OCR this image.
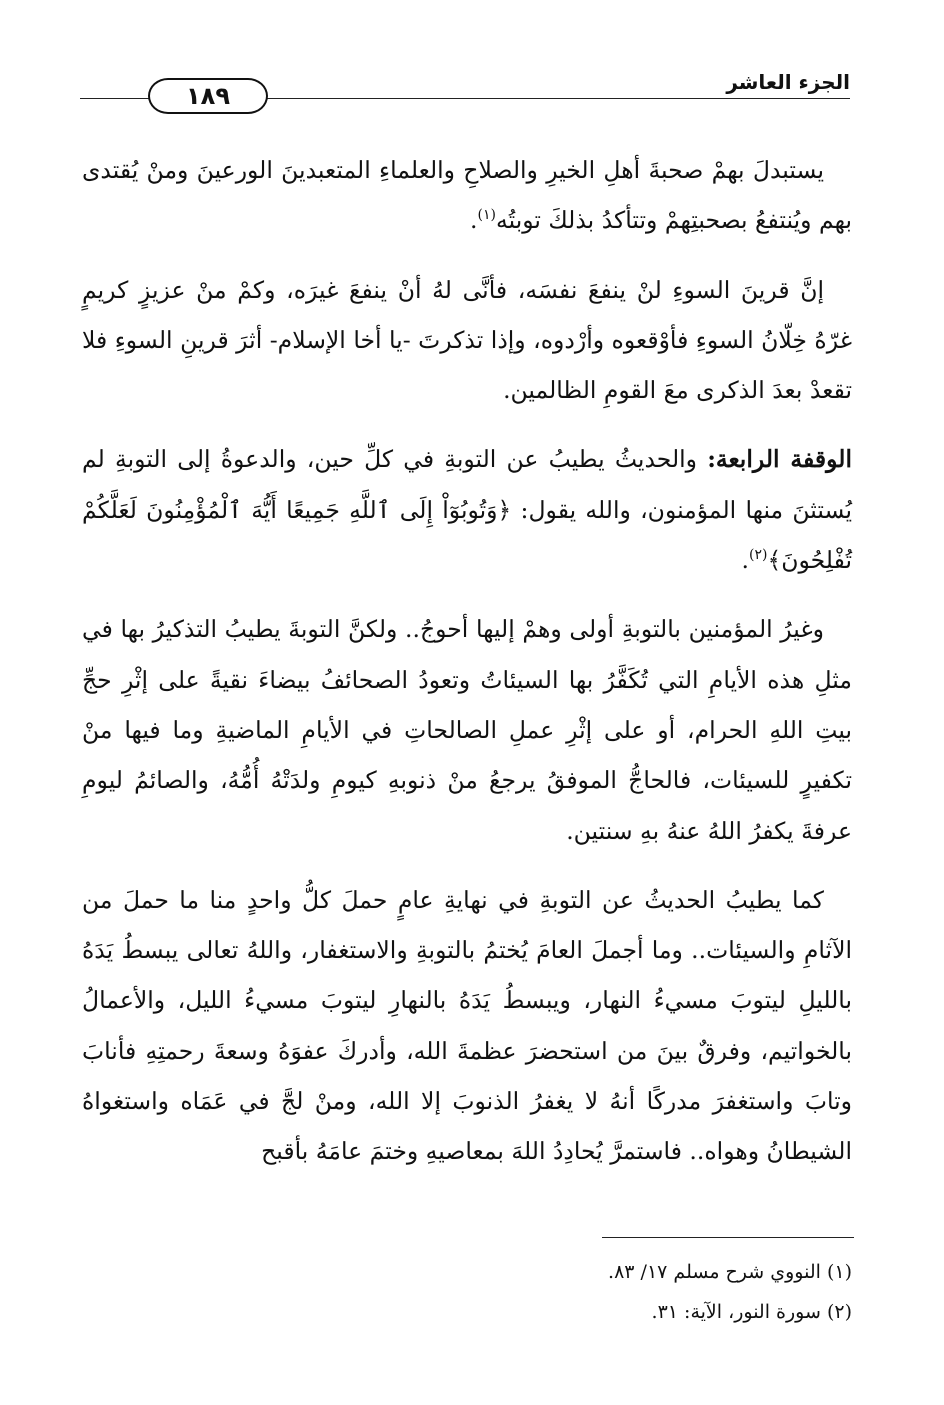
الجزء العاشر
١٨٩

يستبدلَ بهمْ صحبةَ أهلِ الخيرِ والصلاحِ والعلماءِ المتعبدينَ الورعينَ ومنْ يُقتدى بهم ويُنتفعُ بصحبتِهمْ وتتأكدُ بذلكَ توبتُه$^{(١)}$.

إنَّ قرينَ السوءِ لنْ ينفعَ نفسَه، فأنَّى لهُ أنْ ينفعَ غيرَه، وكمْ منْ عزيزٍ كريمٍ غرّهُ خِلّانُ السوءِ فأوْقعوه وأرْدوه، وإذا تذكرتَ -يا أخا الإسلام- أثرَ قرينِ السوءِ فلا تقعدْ بعدَ الذكرى معَ القومِ الظالمين.

الوقفة الرابعة: والحديثُ يطيبُ عن التوبةِ في كلِّ حين، والدعوةُ إلى التوبةِ لم يُستثنَ منها المؤمنون، والله يقول: ﴿وَتُوبُوٓاْ إِلَى ٱللَّهِ جَمِيعًا أَيُّهَ ٱلْمُؤْمِنُونَ لَعَلَّكُمْ تُفْلِحُونَ﴾$^{(٢)}$.

وغيرُ المؤمنين بالتوبةِ أولى وهمْ إليها أحوجُ.. ولكنَّ التوبةَ يطيبُ التذكيرُ بها في مثلِ هذه الأيامِ التي تُكَفَّرُ بها السيئاتُ وتعودُ الصحائفُ بيضاءَ نقيةً على إثْرِ حجِّ بيتِ اللهِ الحرام، أو على إثْرِ عملِ الصالحاتِ في الأيامِ الماضيةِ وما فيها منْ تكفيرٍ للسيئات، فالحاجُّ الموفقُ يرجعُ منْ ذنوبهِ كيومِ ولدَتْهُ أُمُّهُ، والصائمُ ليومِ عرفةَ يكفرُ اللهُ عنهُ بهِ سنتين.

كما يطيبُ الحديثُ عن التوبةِ في نهايةِ عامٍ حملَ كلُّ واحدٍ منا ما حملَ من الآثامِ والسيئات.. وما أجملَ العامَ يُختمُ بالتوبةِ والاستغفار، واللهُ تعالى يبسطُ يَدَهُ بالليلِ ليتوبَ مسيءُ النهار، ويبسطُ يَدَهُ بالنهارِ ليتوبَ مسيءُ الليل، والأعمالُ بالخواتيم، وفرقٌ بينَ من استحضرَ عظمةَ الله، وأدركَ عفوَهُ وسعةَ رحمتِهِ فأنابَ وتابَ واستغفرَ مدركًا أنهُ لا يغفرُ الذنوبَ إلا الله، ومنْ لجَّ في عَمَاه واستغواهُ الشيطانُ وهواه.. فاستمرَّ يُحادِدُ اللهَ بمعاصيهِ وختمَ عامَهُ بأقبح

(١) النووي شرح مسلم ١٧/ ٨٣.
(٢) سورة النور، الآية: ٣١.
